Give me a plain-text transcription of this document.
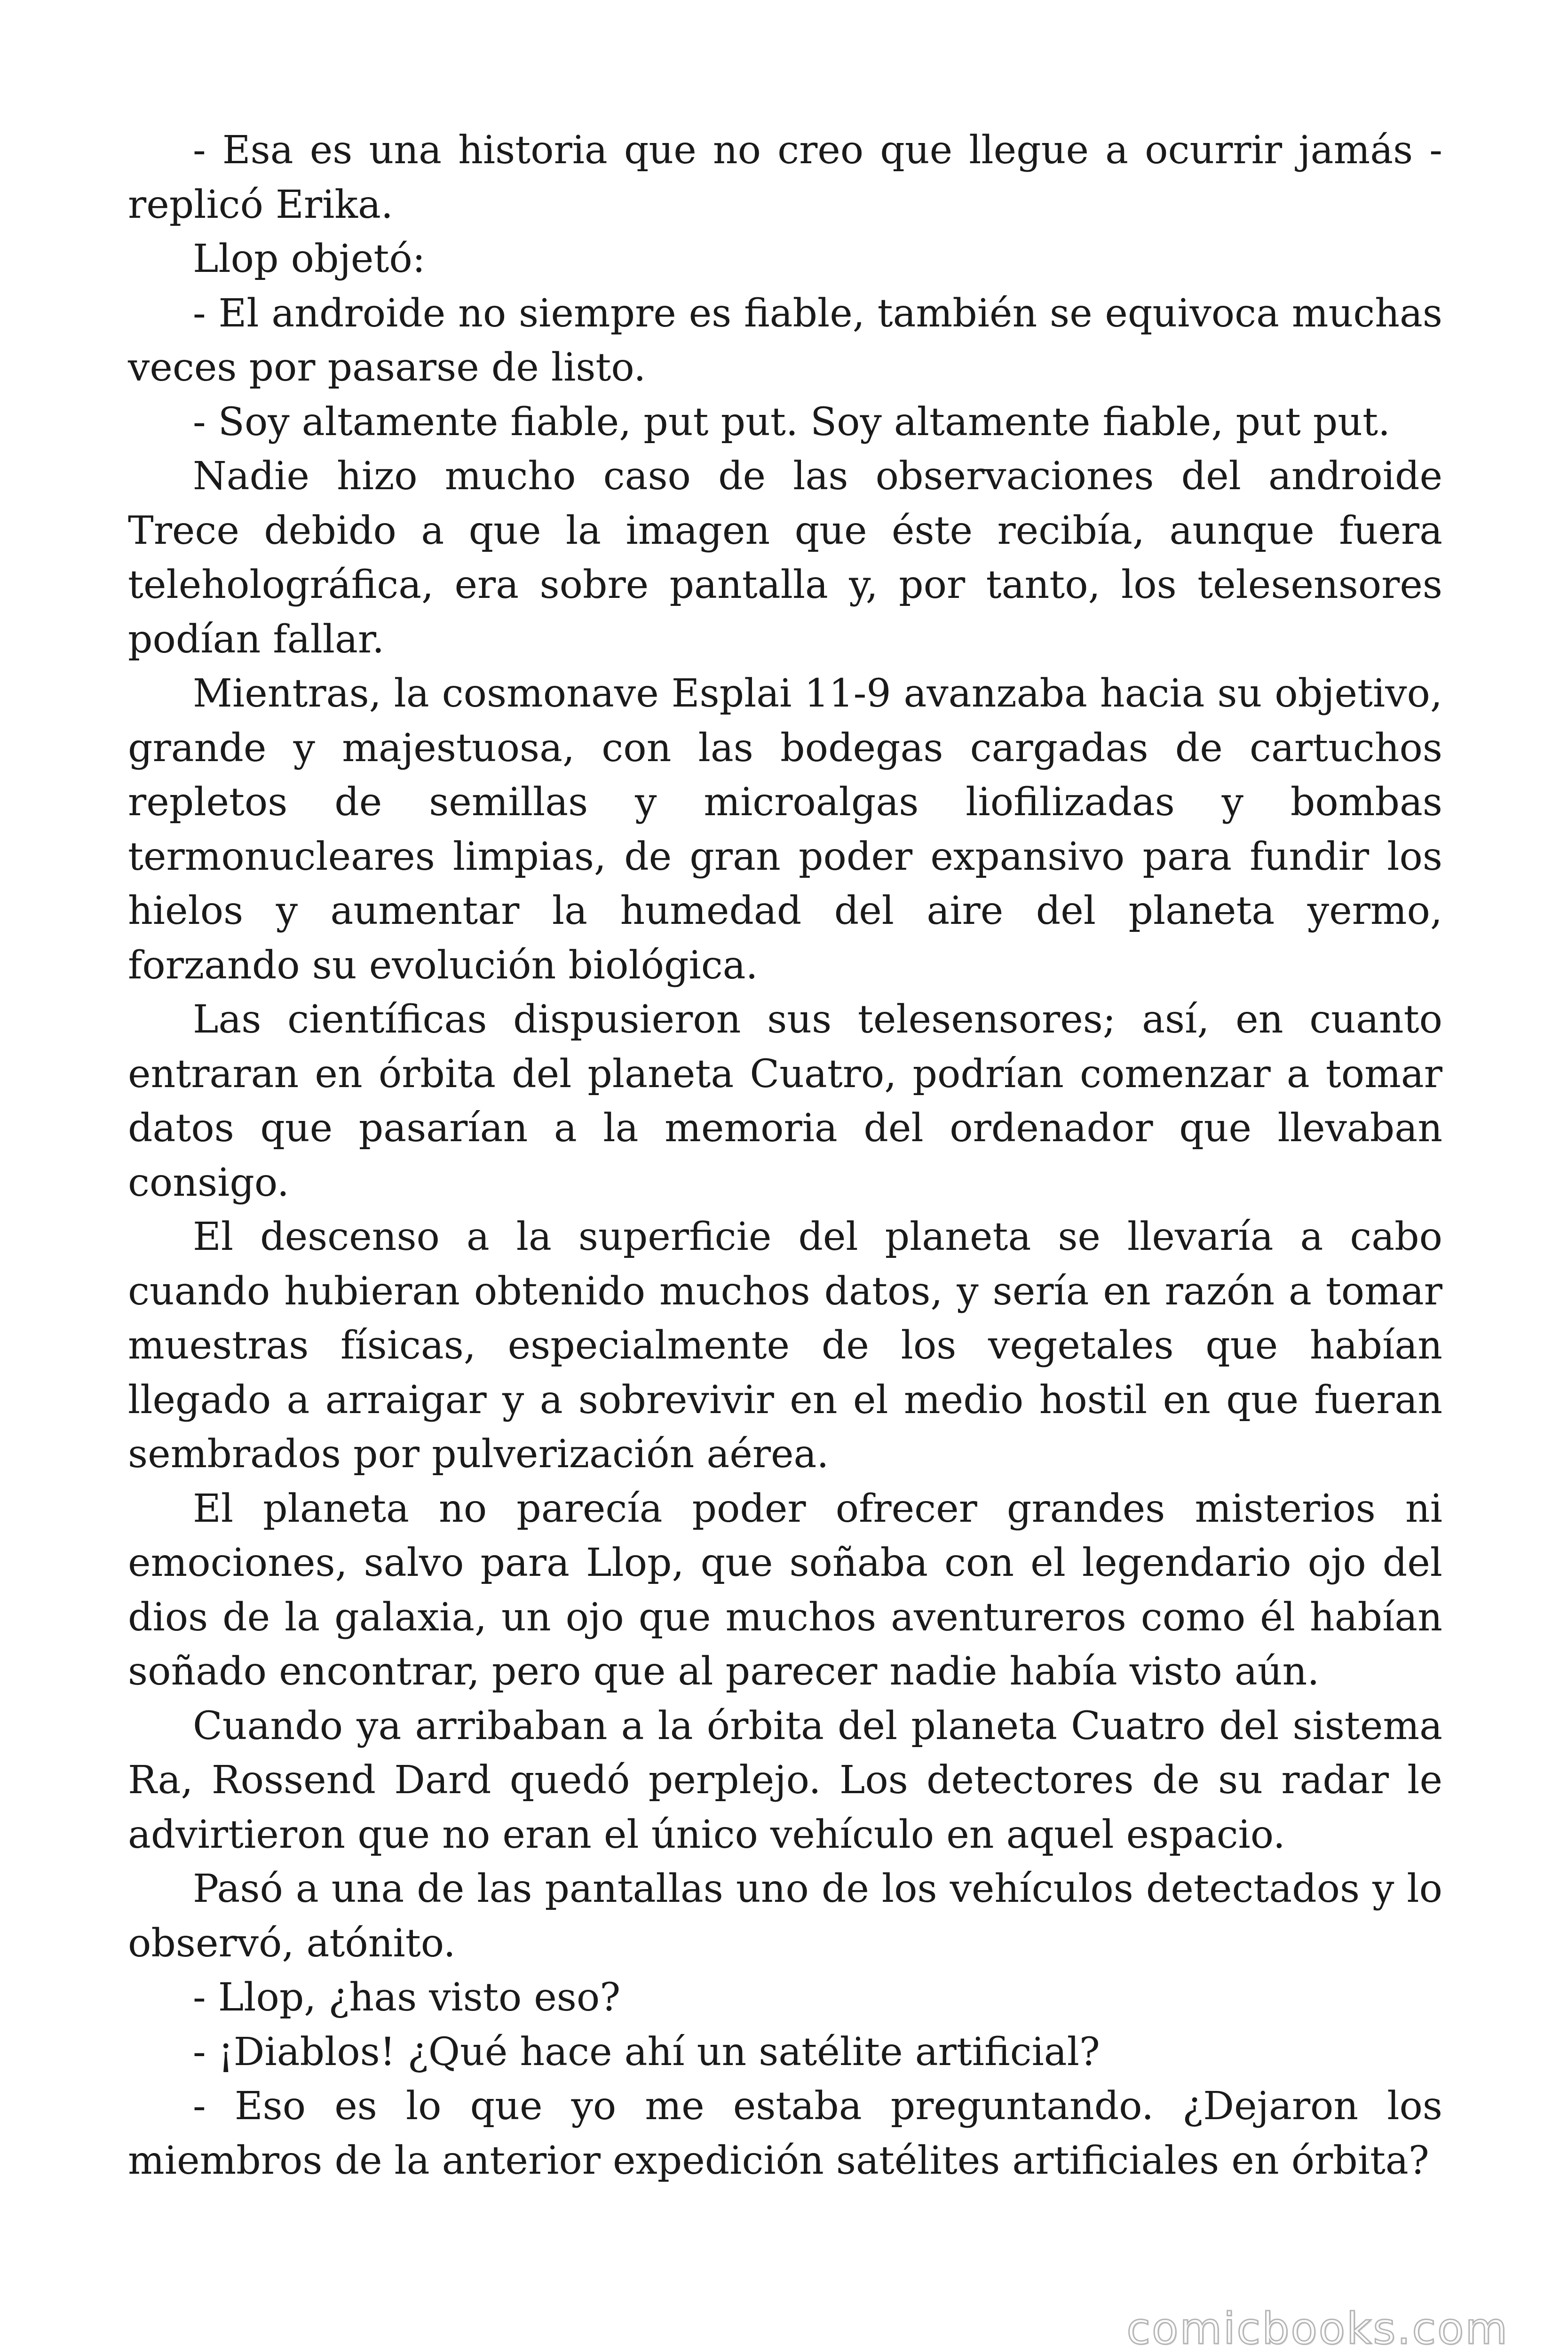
- Esa es una historia que no creo que llegue a ocurrir jamás - replicó Erika.

Llop objetó:

- El androide no siempre es fiable, también se equivoca muchas veces por pasarse de listo.

- Soy altamente fiable, put put. Soy altamente fiable, put put.

Nadie hizo mucho caso de las observaciones del androide Trece debido a que la imagen que éste recibía, aunque fuera teleholográfica, era sobre pantalla y, por tanto, los telesensores podían fallar.

Mientras, la cosmonave Esplai 11-9 avanzaba hacia su objetivo, grande y majestuosa, con las bodegas cargadas de cartuchos repletos de semillas y microalgas liofilizadas y bombas termonucleares limpias, de gran poder expansivo para fundir los hielos y aumentar la humedad del aire del planeta yermo, forzando su evolución biológica.

Las científicas dispusieron sus telesensores; así, en cuanto entraran en órbita del planeta Cuatro, podrían comenzar a tomar datos que pasarían a la memoria del ordenador que llevaban consigo.

El descenso a la superficie del planeta se llevaría a cabo cuando hubieran obtenido muchos datos, y sería en razón a tomar muestras físicas, especialmente de los vegetales que habían llegado a arraigar y a sobrevivir en el medio hostil en que fueran sembrados por pulverización aérea.

El planeta no parecía poder ofrecer grandes misterios ni emociones, salvo para Llop, que soñaba con el legendario ojo del dios de la galaxia, un ojo que muchos aventureros como él habían soñado encontrar, pero que al parecer nadie había visto aún.

Cuando ya arribaban a la órbita del planeta Cuatro del sistema Ra, Rossend Dard quedó perplejo. Los detectores de su radar le advirtieron que no eran el único vehículo en aquel espacio.

Pasó a una de las pantallas uno de los vehículos detectados y lo observó, atónito.

- Llop, ¿has visto eso?

- ¡Diablos! ¿Qué hace ahí un satélite artificial?

- Eso es lo que yo me estaba preguntando. ¿Dejaron los miembros de la anterior expedición satélites artificiales en órbita?

comicbooks.com
